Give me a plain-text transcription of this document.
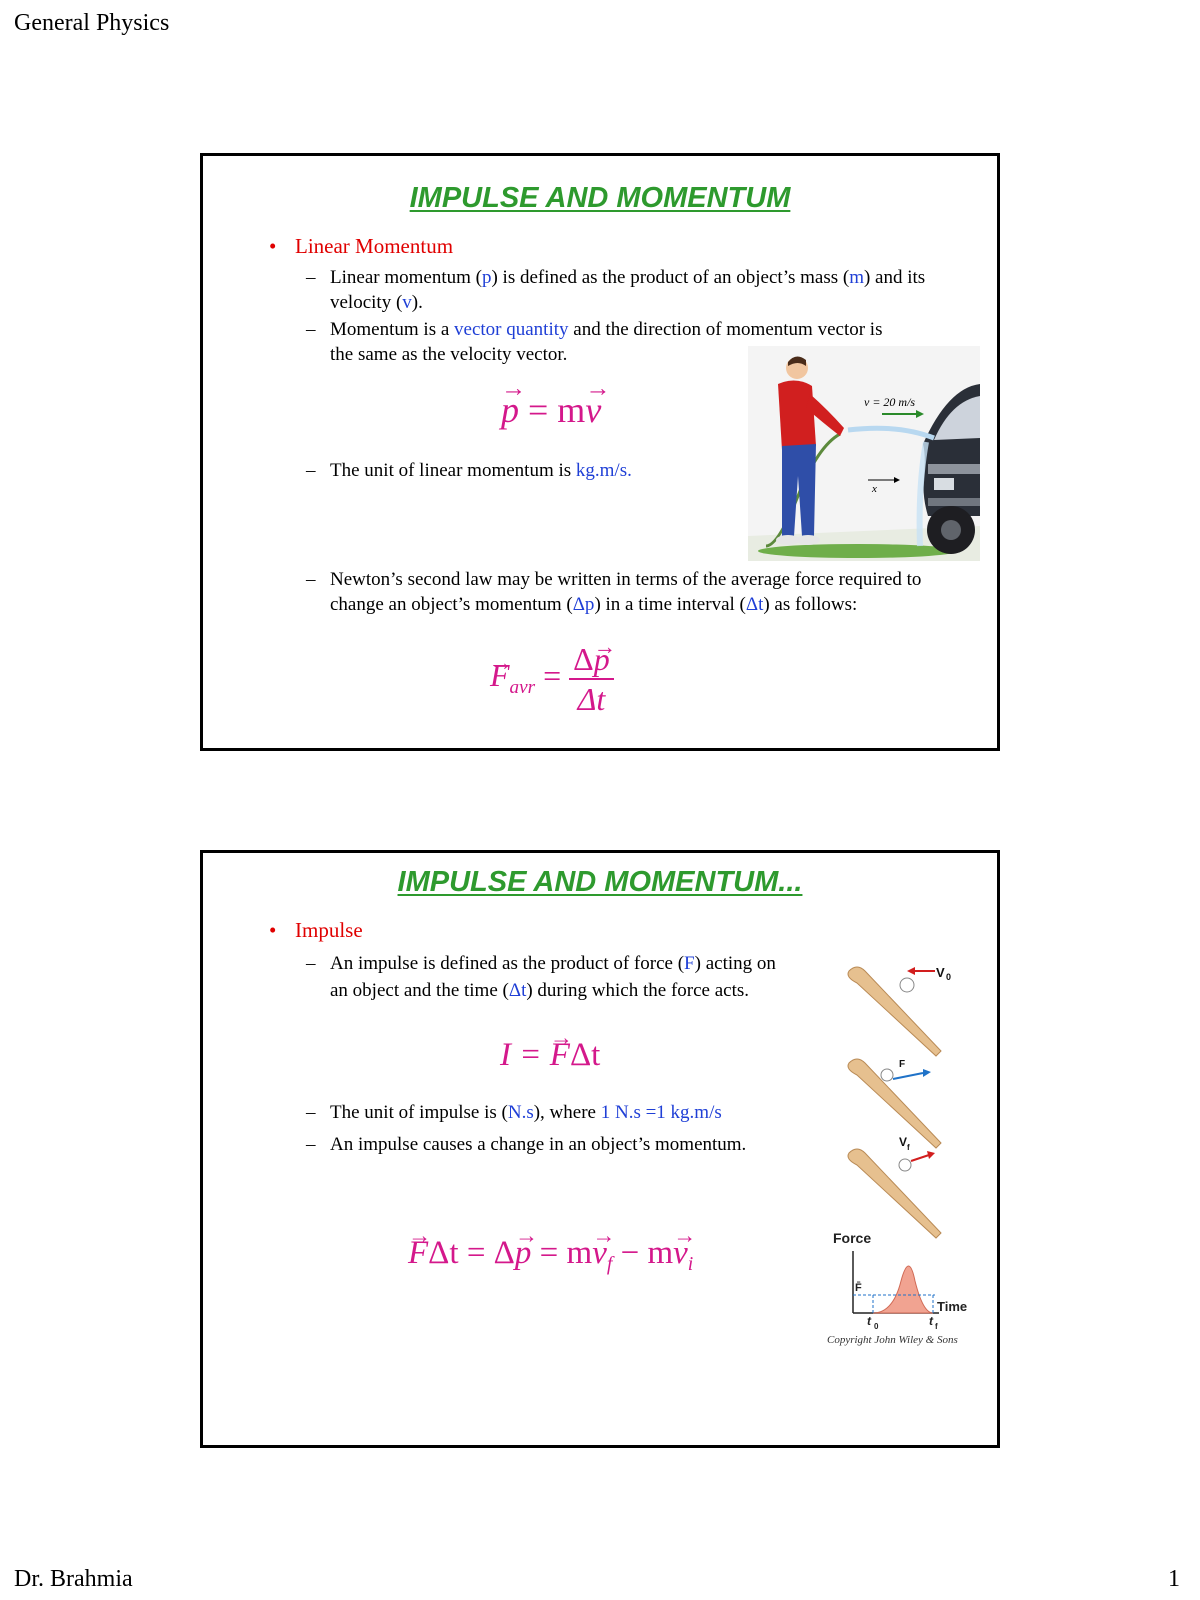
General Physics
IMPULSE AND MOMENTUM
• Linear Momentum
– Linear momentum (p) is defined as the product of an object’s mass (m) and its velocity (v).
– Momentum is a vector quantity and the direction of momentum vector is the same as the velocity vector.
→ p = m→ v
– The unit of linear momentum is kg.m/s.
v = 20 m/s
x
– Newton’s second law may be written in terms of the average force required to change an object’s momentum (Δp) in a time interval (Δt) as follows:
→ $F_{avr} = \frac{\Delta\to p}{\Delta t}$
IMPULSE AND MOMENTUM...
• Impulse
– An impulse is defined as the product of force (F) acting on an object and the time (Δt) during which the force acts.
I = → FΔt
– The unit of impulse is (N.s), where 1 N.s =1 kg.m/s
– An impulse causes a change in an object’s momentum.
→ $F\Delta t = \Delta\to p = m\to v_f - m\to v_i$
V 0
F
V f
Force
F̄
Time
t 0	t f
Copyright John Wiley & Sons
Dr. Brahmia	1
